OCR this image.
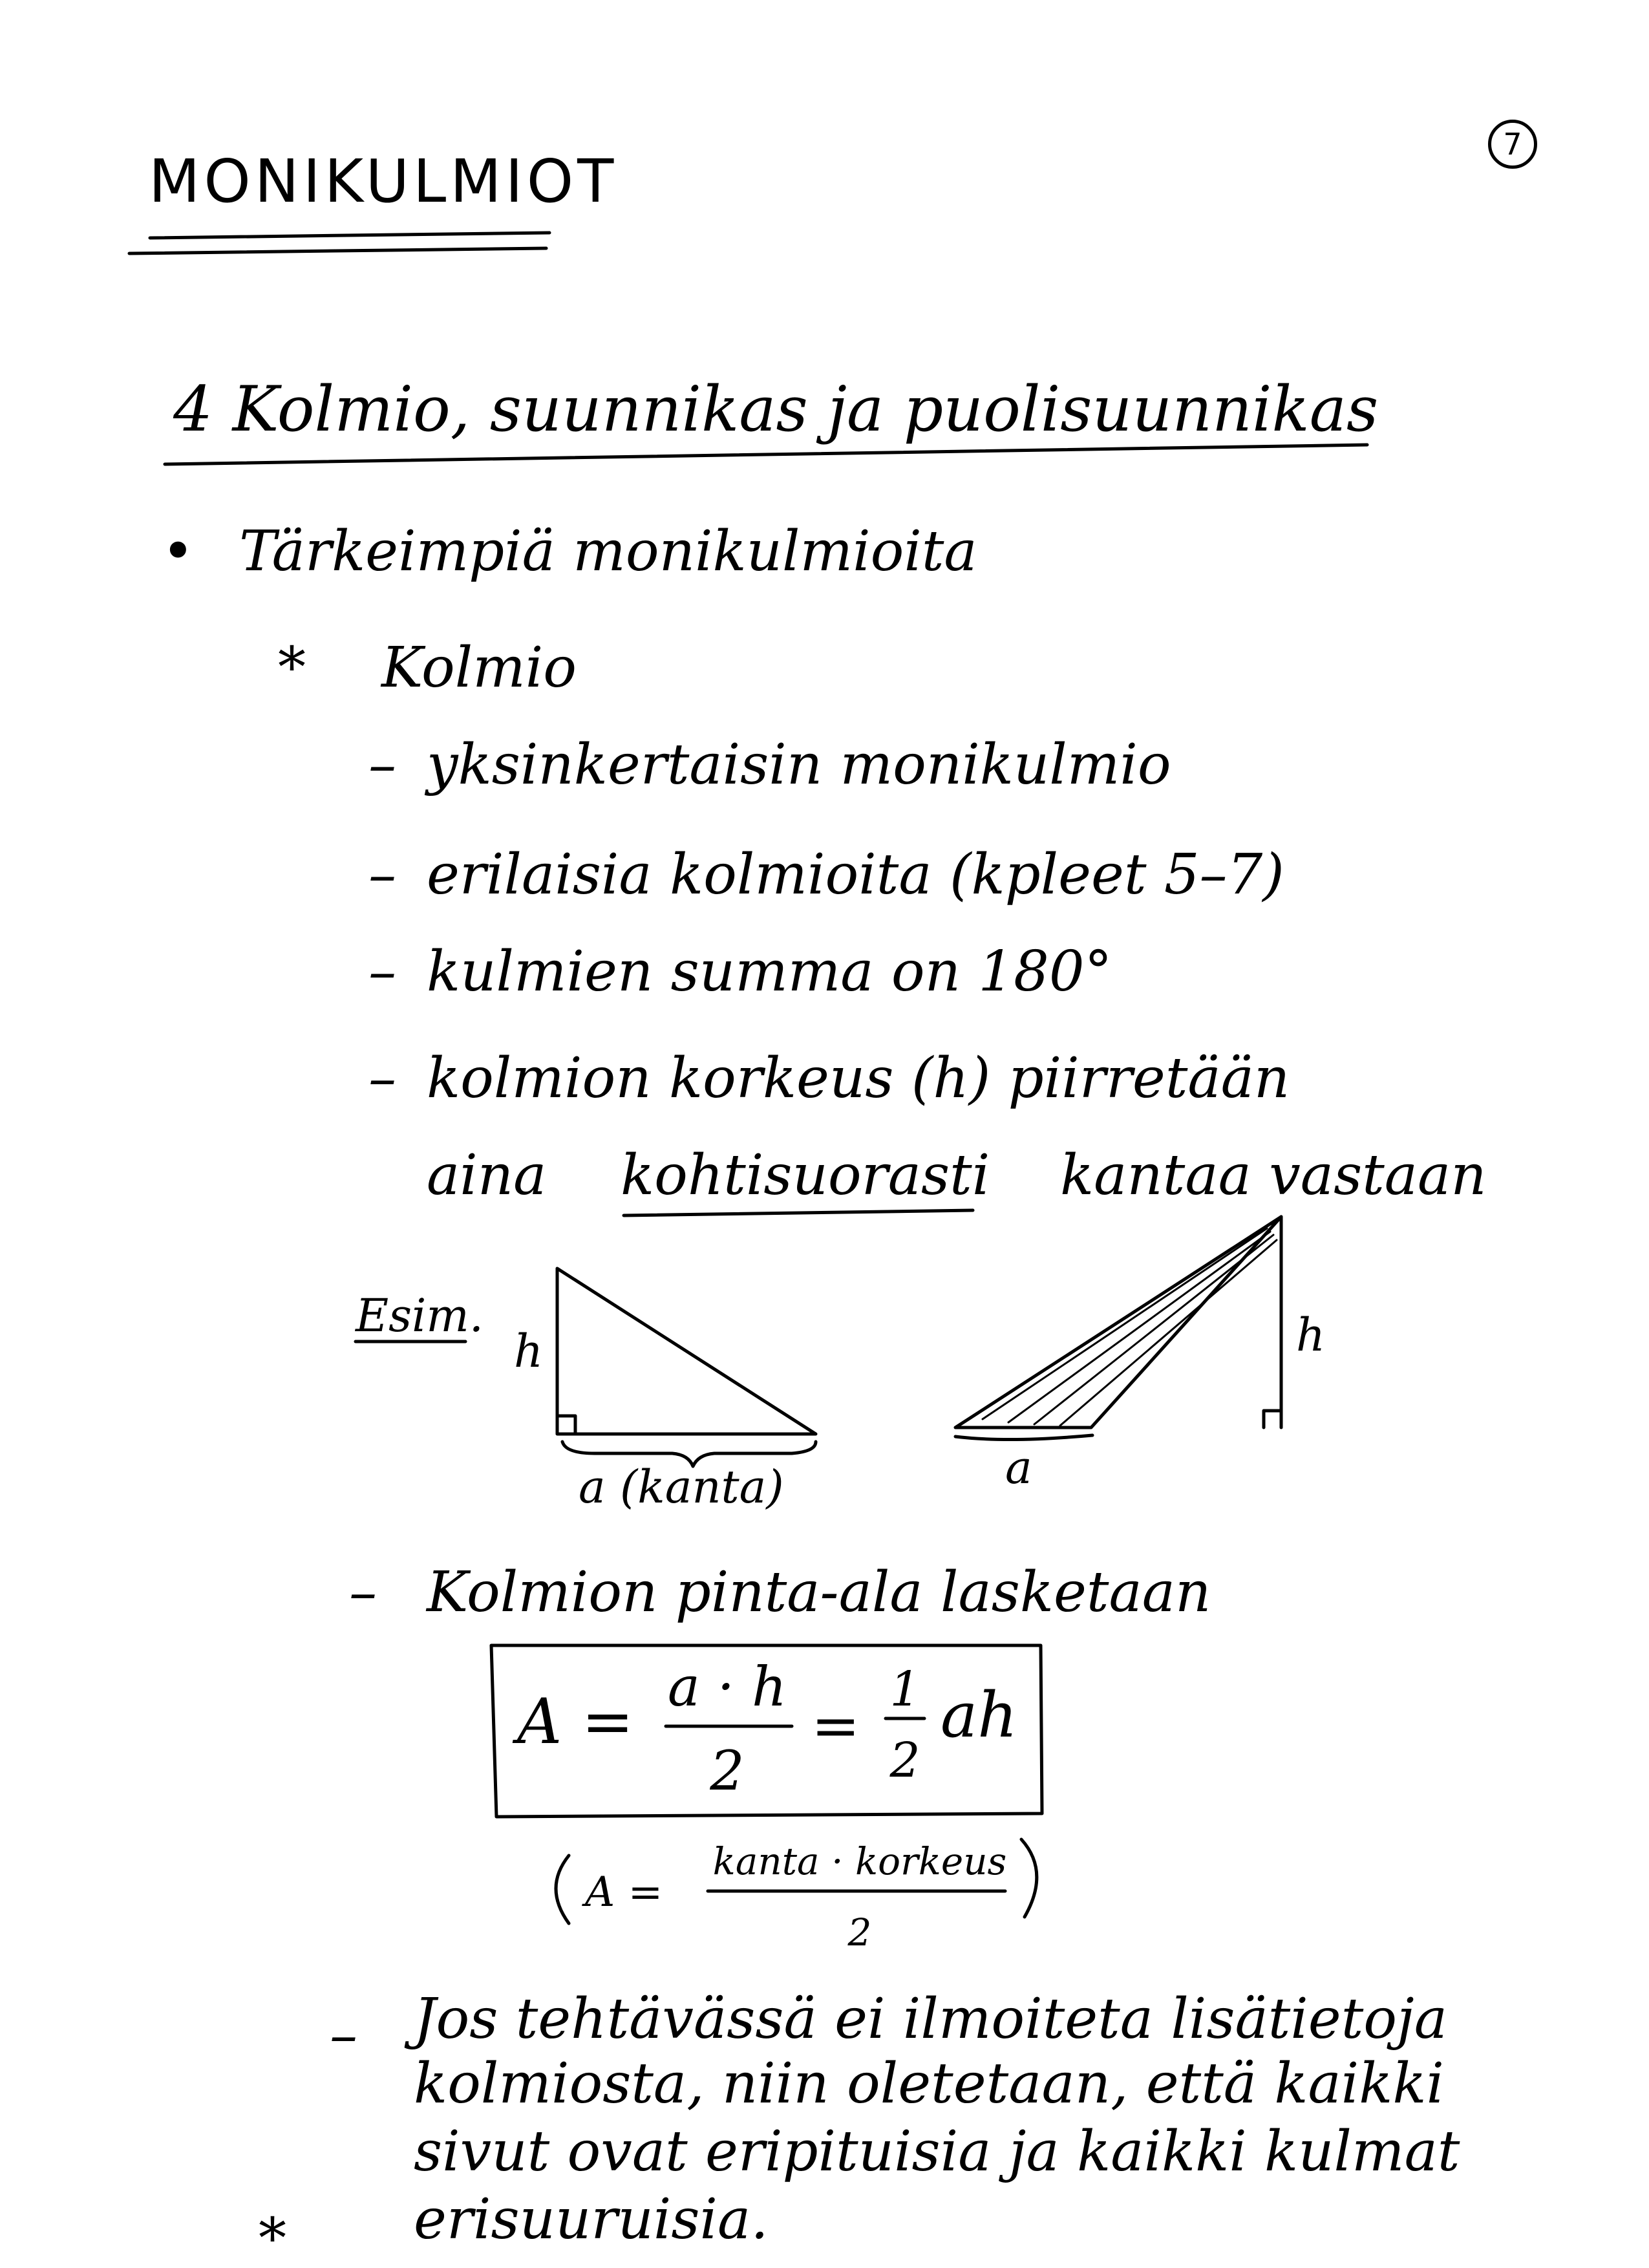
MONIKULMIOT
7
4 Kolmio, suunnikas ja puolisuunnikas
• Tärkeimpiä monikulmioita
* Kolmio
– yksinkertaisin monikulmio
– erilaisia kolmioita (kpleet 5–7)
– kulmien summa on 180°
– kolmion korkeus (h) piirretään
aina kohtisuorasti kantaa vastaan
Esim.
h
a (kanta)
h
a
– Kolmion pinta-ala lasketaan
A = a · h
2
=
1
2
ah
A =
kanta · korkeus
2
– Jos tehtävässä ei ilmoiteta lisätietoja
kolmiosta, niin oletetaan, että kaikki
sivut ovat eripituisia ja kaikki kulmat
erisuuruisia.
*
